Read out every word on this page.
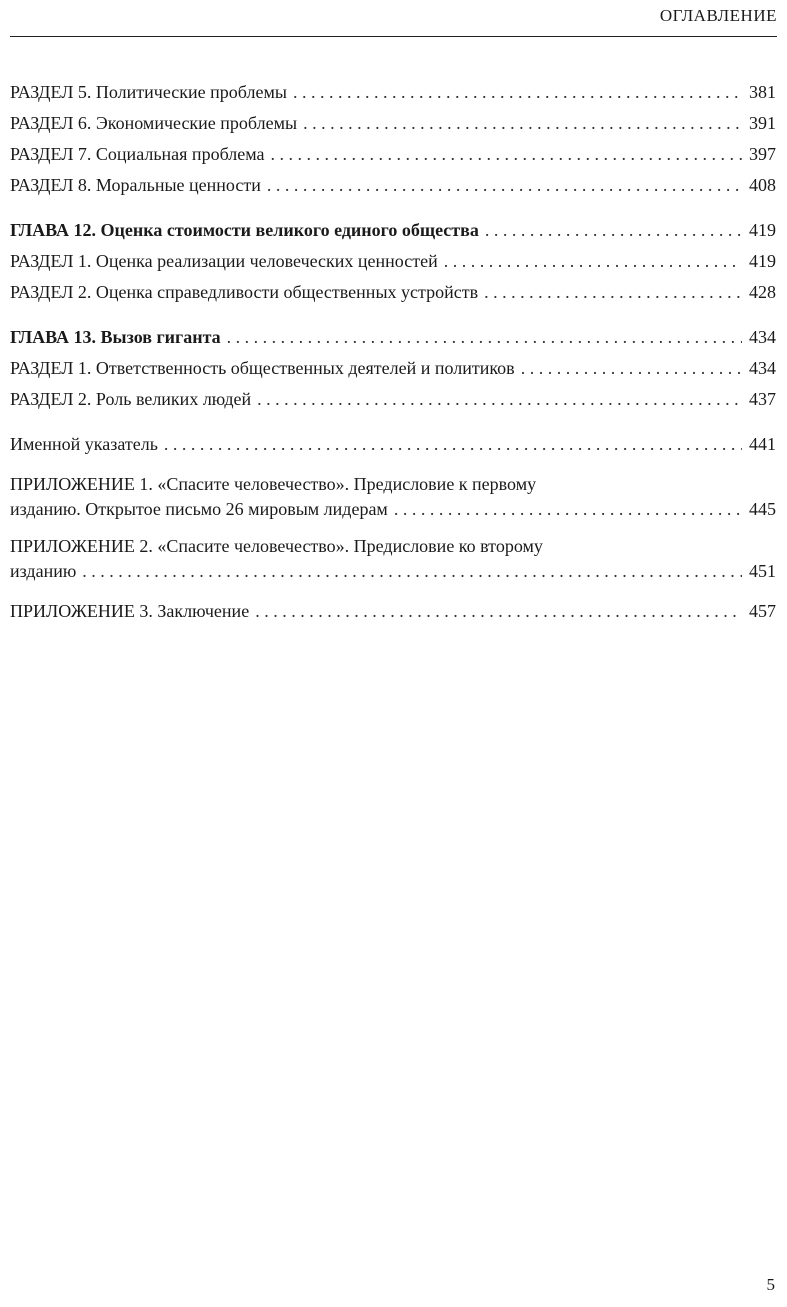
ОГЛАВЛЕНИЕ
РАЗДЕЛ 5. Политические проблемы . . .	381
РАЗДЕЛ 6. Экономические проблемы . . .	391
РАЗДЕЛ 7. Социальная проблема . . .	397
РАЗДЕЛ 8. Моральные ценности . . .	408
ГЛАВА 12. Оценка стоимости великого единого общества . . .	419
РАЗДЕЛ 1. Оценка реализации человеческих ценностей . . .	419
РАЗДЕЛ 2. Оценка справедливости общественных устройств . . .	428
ГЛАВА 13. Вызов гиганта . . .	434
РАЗДЕЛ 1. Ответственность общественных деятелей и политиков . . .	434
РАЗДЕЛ 2. Роль великих людей . . .	437
Именной указатель . . .	441
ПРИЛОЖЕНИЕ 1. «Спасите человечество». Предисловие к первому
изданию. Открытое письмо 26 мировым лидерам . . .	445
ПРИЛОЖЕНИЕ 2. «Спасите человечество». Предисловие ко второму
изданию . . .	451
ПРИЛОЖЕНИЕ 3. Заключение . . .	457
5
